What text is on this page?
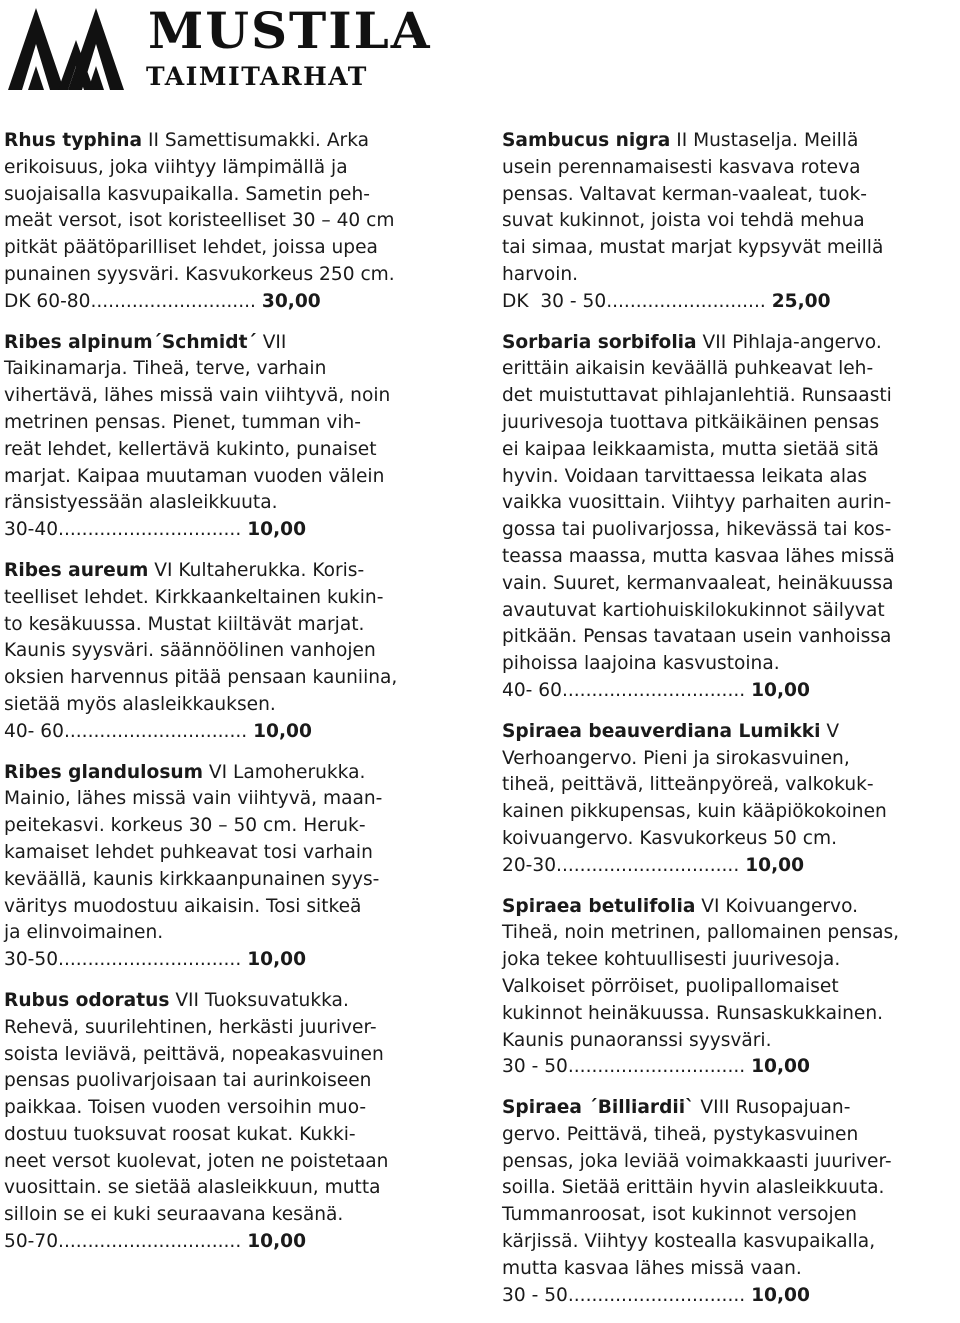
MUSTILA
TAIMITARHAT

Rhus typhina II Samettisumakki. Arka

erikoisuus, joka viihtyy lämpimällä ja

suojaisalla kasvupaikalla. Sametin peh-

meät versot, isot koristeelliset 30 – 40 cm

pitkät päätöparilliset lehdet, joissa upea

punainen syysväri. Kasvukorkeus 250 cm.

DK 60-80............................ 30,00

Ribes alpinum´Schmidt´ VII

Taikinamarja. Tiheä, terve, varhain

vihertävä, lähes missä vain viihtyvä, noin

metrinen pensas. Pienet, tumman vih-

reät lehdet, kellertävä kukinto, punaiset

marjat. Kaipaa muutaman vuoden välein

ränsistyessään alasleikkuuta.

30-40............................... 10,00

Ribes aureum VI Kultaherukka. Koris-

teelliset lehdet. Kirkkaankeltainen kukin-

to kesäkuussa. Mustat kiiltävät marjat.

Kaunis syysväri. säännöölinen vanhojen

oksien harvennus pitää pensaan kauniina,

sietää myös alasleikkauksen.

40- 60............................... 10,00

Ribes glandulosum VI Lamoherukka.

Mainio, lähes missä vain viihtyvä, maan-

peitekasvi. korkeus 30 – 50 cm. Heruk-

kamaiset lehdet puhkeavat tosi varhain

keväällä, kaunis kirkkaanpunainen syys-

väritys muodostuu aikaisin. Tosi sitkeä

ja elinvoimainen.

30-50............................... 10,00

Rubus odoratus VII Tuoksuvatukka.

Rehevä, suurilehtinen, herkästi juuriver-

soista leviävä, peittävä, nopeakasvuinen

pensas puolivarjoisaan tai aurinkoiseen

paikkaa. Toisen vuoden versoihin muo-

dostuu tuoksuvat roosat kukat. Kukki-

neet versot kuolevat, joten ne poistetaan

vuosittain. se sietää alasleikkuun, mutta

silloin se ei kuki seuraavana kesänä.

50-70............................... 10,00

Sambucus nigra II Mustaselja. Meillä

usein perennamaisesti kasvava roteva

pensas. Valtavat kerman-vaaleat, tuok-

suvat kukinnot, joista voi tehdä mehua

tai simaa, mustat marjat kypsyvät meillä

harvoin.

DK  30 - 50........................... 25,00

Sorbaria sorbifolia VII Pihlaja-angervo.

erittäin aikaisin keväällä puhkeavat leh-

det muistuttavat pihlajanlehtiä. Runsaasti

juurivesoja tuottava pitkäikäinen pensas

ei kaipaa leikkaamista, mutta sietää sitä

hyvin. Voidaan tarvittaessa leikata alas

vaikka vuosittain. Viihtyy parhaiten aurin-

gossa tai puolivarjossa, hikevässä tai kos-

teassa maassa, mutta kasvaa lähes missä

vain. Suuret, kermanvaaleat, heinäkuussa

avautuvat kartiohuiskilokukinnot säilyvat

pitkään. Pensas tavataan usein vanhoissa

pihoissa laajoina kasvustoina.

40- 60............................... 10,00

Spiraea beauverdiana Lumikki V

Verhoangervo. Pieni ja sirokasvuinen,

tiheä, peittävä, litteänpyöreä, valkokuk-

kainen pikkupensas, kuin kääpiökokoinen

koivuangervo. Kasvukorkeus 50 cm.

20-30............................... 10,00

Spiraea betulifolia VI Koivuangervo.

Tiheä, noin metrinen, pallomainen pensas,

joka tekee kohtuullisesti juurivesoja.

Valkoiset pörröiset, puolipallomaiset

kukinnot heinäkuussa. Runsaskukkainen.

Kaunis punaoranssi syysväri.

30 - 50.............................. 10,00

Spiraea ´Billiardii` VIII Rusopajuan-

gervo. Peittävä, tiheä, pystykasvuinen

pensas, joka leviää voimakkaasti juuriver-

soilla. Sietää erittäin hyvin alasleikkuuta.

Tummanroosat, isot kukinnot versojen

kärjissä. Viihtyy kostealla kasvupaikalla,

mutta kasvaa lähes missä vaan.

30 - 50.............................. 10,00
